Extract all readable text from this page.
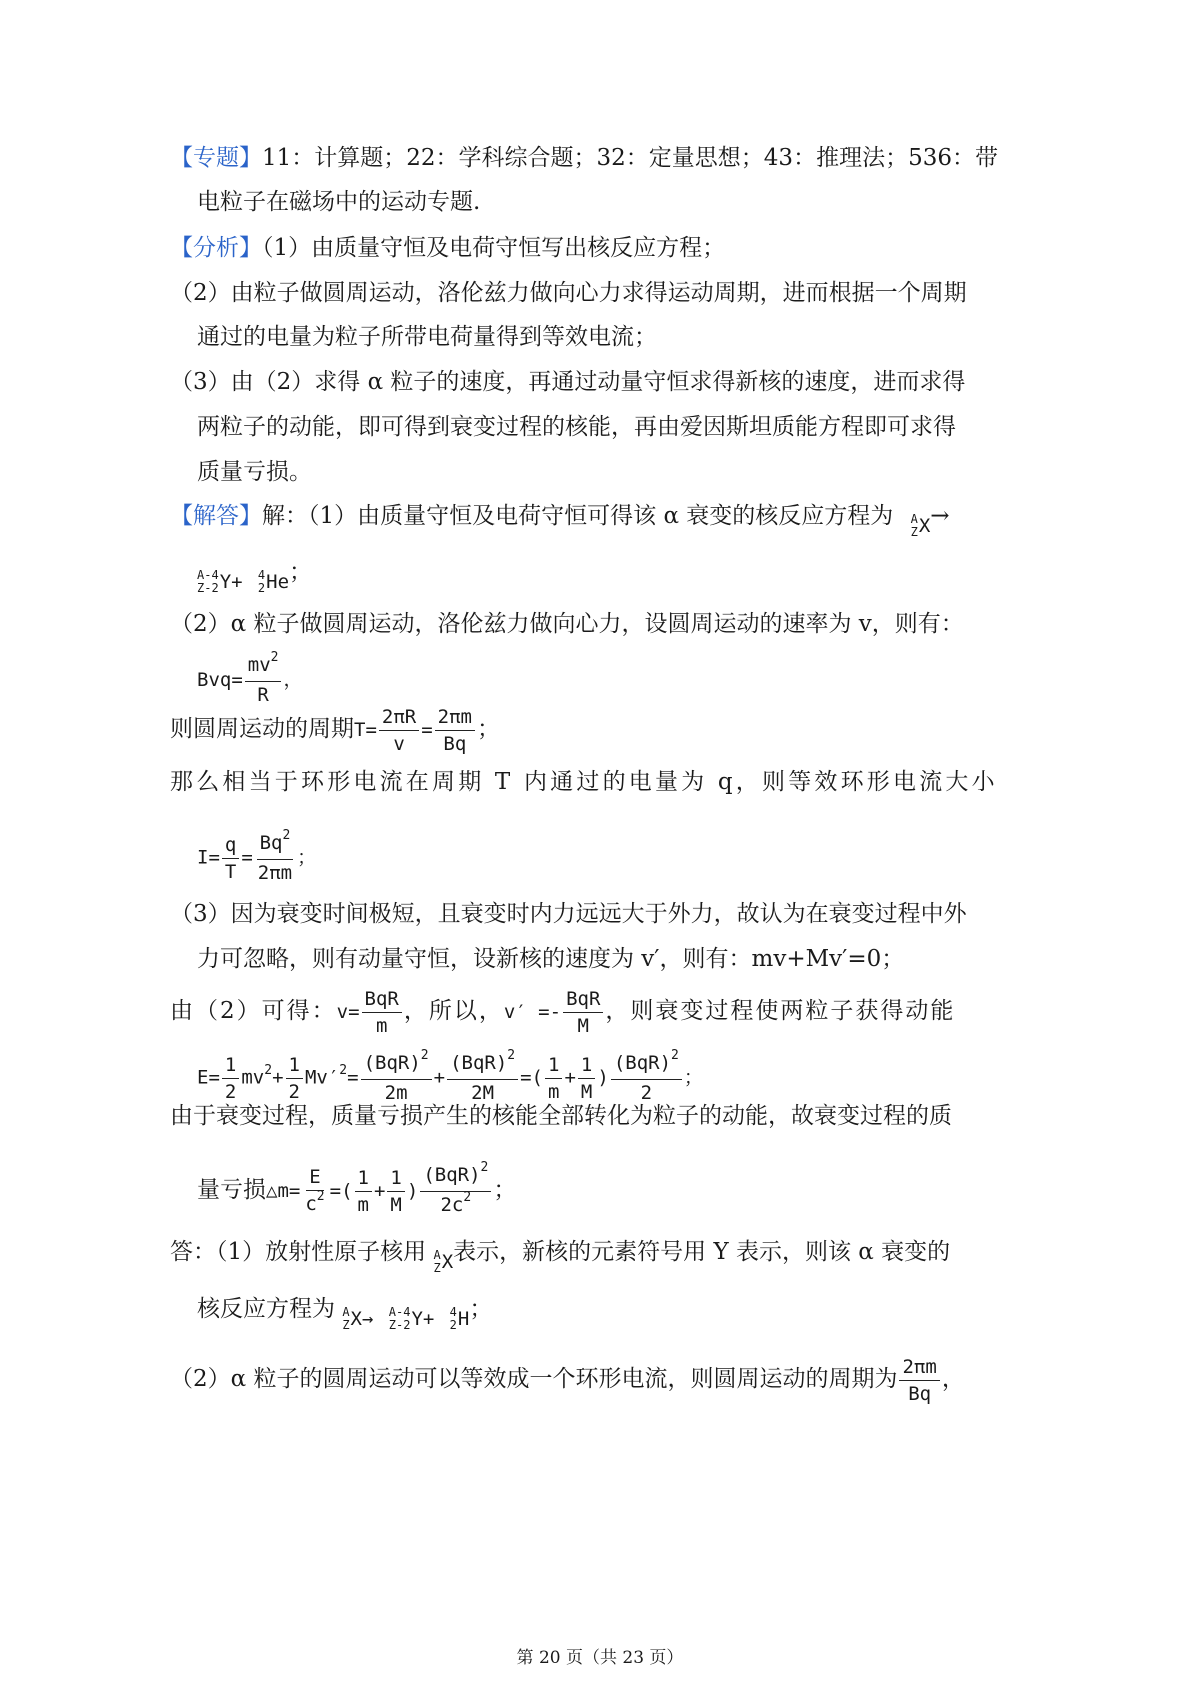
【专题】11：计算题；22：学科综合题；32：定量思想；43：推理法；536：带
电粒子在磁场中的运动专题.
【分析】（1）由质量守恒及电荷守恒写出核反应方程；
（2）由粒子做圆周运动，洛伦兹力做向心力求得运动周期，进而根据一个周期
通过的电量为粒子所带电荷量得到等效电流；
（3）由（2）求得 α 粒子的速度，再通过动量守恒求得新核的速度，进而求得
两粒子的动能，即可得到衰变过程的核能，再由爱因斯坦质能方程即可求得
质量亏损。
【解答】解：（1）由质量守恒及电荷守恒可得该 α 衰变的核反应方程为 A
Z X →
A-4
Z-2 Y +
4
2 He ；
（2）α 粒子做圆周运动，洛伦兹力做向心力，设圆周运动的速率为 v，则有：
$Bvq= \frac{mv^2}{R}$ ，
则圆周运动的周期$T= \frac{2\pi R}{v} = \frac{2\pi m}{Bq}$ ；
那么相当于环形电流在周期 T 内通过的电量为 q，则等效环形电流大小
$I= \frac{q}{T} = \frac{Bq^2}{2\pi m}$ ；
（3）因为衰变时间极短，且衰变时内力远远大于外力，故认为在衰变过程中外
力可忽略，则有动量守恒，设新核的速度为 v′，则有：mv+Mv′=0；
由（2）可得：$v= \frac{\text{BqR}}{m}$ ，所以，$v' =- \frac{\text{BqR}}{M}$ ，则衰变过程使两粒子获得动能
$E= \frac{1}{2} mv^2+ \frac{1}{2} Mv'^2= \frac{(BqR)^2}{2m} + \frac{(BqR)^2}{2M}$ =( $\frac{1}{m} + \frac{1}{M}$ ) $\frac{(BqR)^2}{2}$ ；
由于衰变过程，质量亏损产生的核能全部转化为粒子的动能，故衰变过程的质
量亏损△m= $\frac{E}{c^2}$ =( $\frac{1}{m} + \frac{1}{M}$ ) $\frac{(BqR)^2}{2c^2}$ ；
答：（1）放射性原子核用 A
Z X 表示，新核的元素符号用 Y 表示，则该 α 衰变的
核反应方程为 A
Z X →
A-4
Z-2 Y +
4
2 H ；
（2）α 粒子的圆周运动可以等效成一个环形电流，则圆周运动的周期为 $\frac{2\pi m}{Bq}$ ，
第 20 页（共 23 页）
